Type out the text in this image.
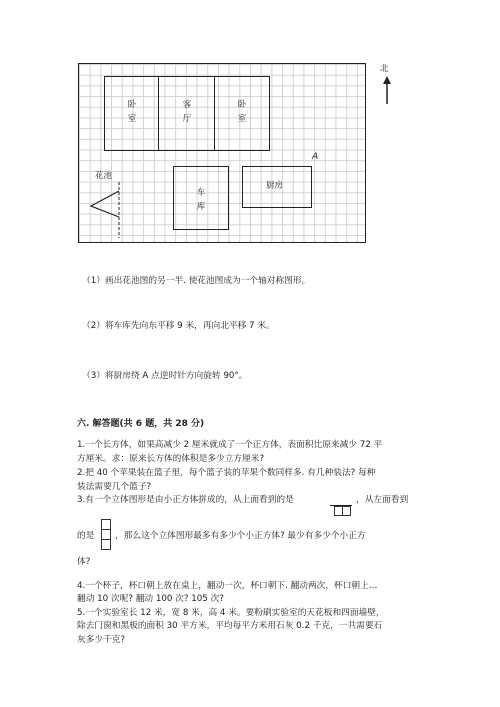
卧
室
客
厅
卧
室
车
库
厨房
A
花池
北
（1）画出花池图的另一半. 使花池图成为一个轴对称图形。
（2）将车库先向东平移 9 米，再向北平移 7 米。
（3）将厨房绕 A 点逆时针方向旋转 90°。
六. 解答题(共 6 题，共 28 分)
1.一个长方体，如果高减少 2 厘米就成了一个正方体，表面积比原来减少 72 平
方厘米。求：原来长方体的体积是多少立方厘米?
2.把 40 个苹果装在篮子里，每个篮子装的苹果个数同样多. 有几种装法? 每种
装法需要几个篮子?
3.有一个立体图形是由小正方体拼成的，从上面看到的是	，从左面看到
的是 ，那么这个立体图形最多有多少个小正方体? 最少有多少个小正方
体?
4.一个杯子，杯口朝上放在桌上，翻动一次，杯口朝下. 翻动两次，杯口朝上…
翻动 10 次呢? 翻动 100 次? 105 次?
5.一个实验室长 12 米，宽 8 米，高 4 米。要粉刷实验室的天花板和四面墙壁，
除去门窗和黑板的面积 30 平方米，平均每平方米用石灰 0.2 千克，一共需要石
灰多少千克?
